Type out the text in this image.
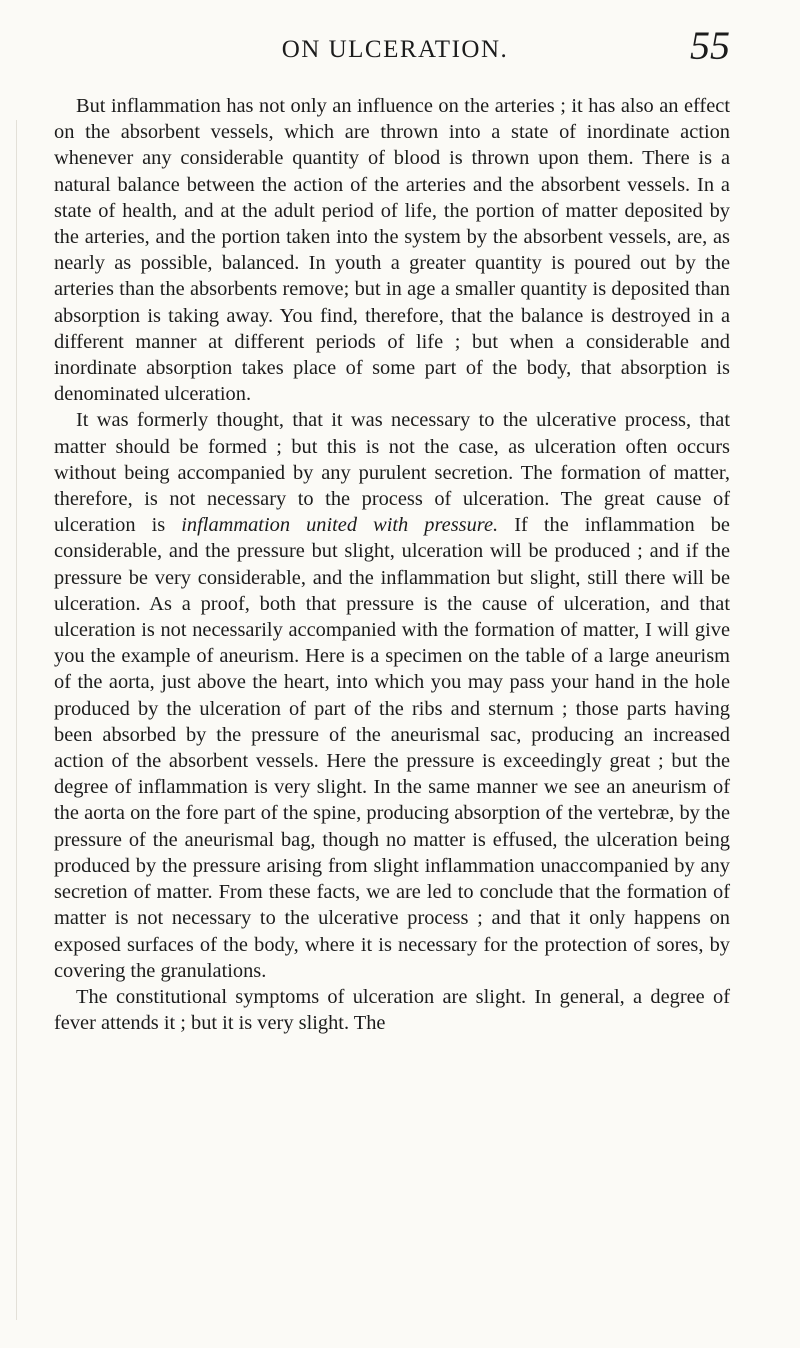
ON ULCERATION.	55

But inflammation has not only an influence on the arteries ; it has also an effect on the absorbent vessels, which are thrown into a state of inordinate action whenever any considerable quantity of blood is thrown upon them. There is a natural balance between the action of the arteries and the absorbent vessels. In a state of health, and at the adult period of life, the portion of matter deposited by the arteries, and the portion taken into the system by the absorbent vessels, are, as nearly as possible, balanced. In youth a greater quantity is poured out by the arteries than the absorbents remove; but in age a smaller quantity is deposited than absorption is taking away. You find, therefore, that the balance is destroyed in a different manner at different periods of life ; but when a considerable and inordinate absorption takes place of some part of the body, that absorption is denominated ulceration.

It was formerly thought, that it was necessary to the ulcerative process, that matter should be formed ; but this is not the case, as ulceration often occurs without being accompanied by any purulent secretion. The formation of matter, therefore, is not necessary to the process of ulceration. The great cause of ulceration is inflammation united with pressure. If the inflammation be considerable, and the pressure but slight, ulceration will be produced ; and if the pressure be very considerable, and the inflammation but slight, still there will be ulceration. As a proof, both that pressure is the cause of ulceration, and that ulceration is not necessarily accompanied with the formation of matter, I will give you the example of aneurism. Here is a specimen on the table of a large aneurism of the aorta, just above the heart, into which you may pass your hand in the hole produced by the ulceration of part of the ribs and sternum ; those parts having been absorbed by the pressure of the aneurismal sac, producing an increased action of the absorbent vessels. Here the pressure is exceedingly great ; but the degree of inflammation is very slight. In the same manner we see an aneurism of the aorta on the fore part of the spine, producing absorption of the vertebræ, by the pressure of the aneurismal bag, though no matter is effused, the ulceration being produced by the pressure arising from slight inflammation unaccompanied by any secretion of matter. From these facts, we are led to conclude that the formation of matter is not necessary to the ulcerative process ; and that it only happens on exposed surfaces of the body, where it is necessary for the protection of sores, by covering the granulations.

The constitutional symptoms of ulceration are slight. In general, a degree of fever attends it ; but it is very slight. The
